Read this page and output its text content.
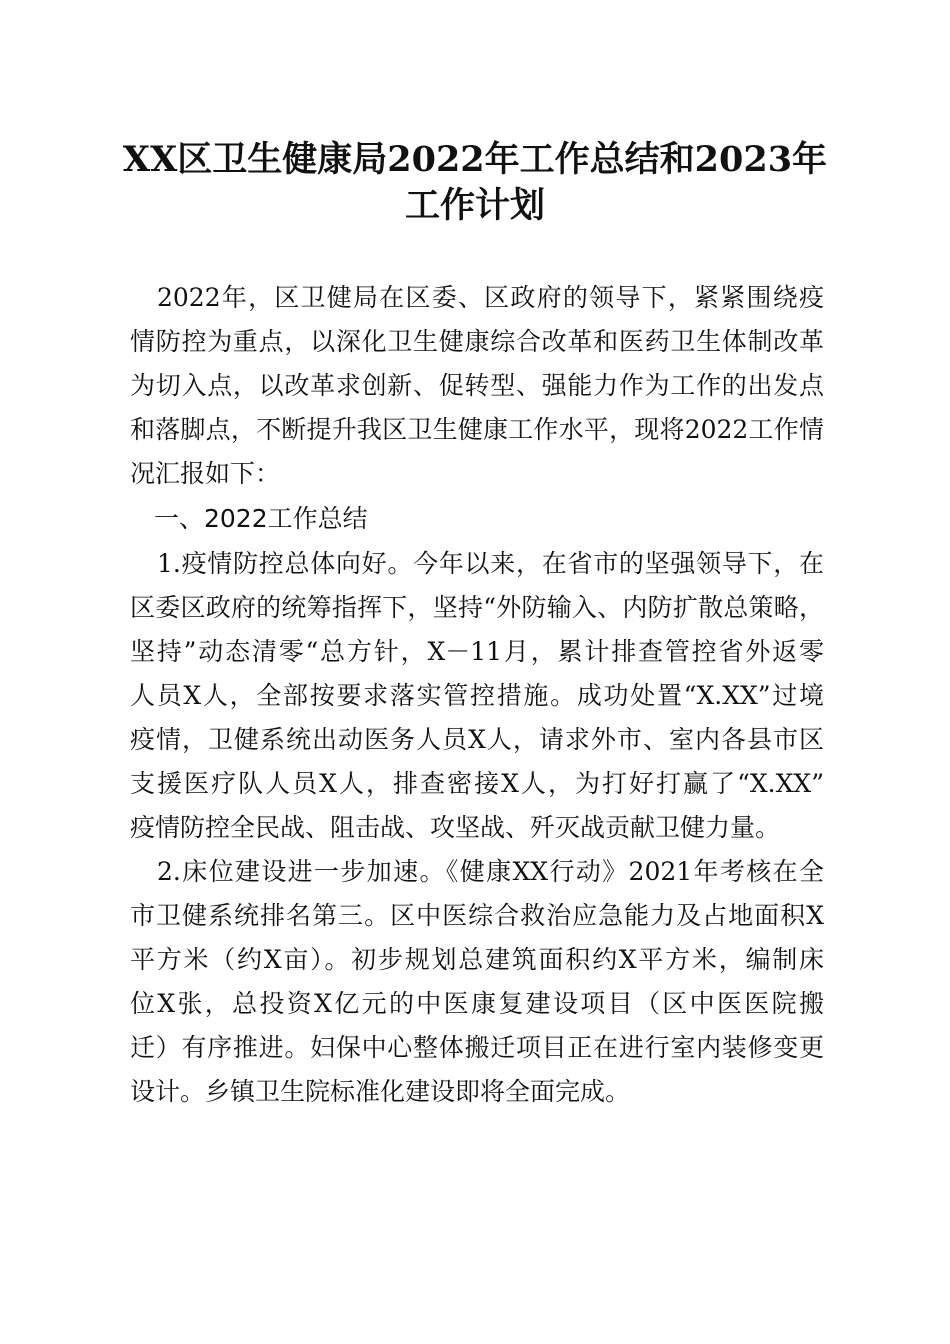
XX区卫生健康局2022年工作总结和2023年
工作计划
2022年，区卫健局在区委、区政府的领导下，紧紧围绕疫
情防控为重点，以深化卫生健康综合改革和医药卫生体制改革
为切入点，以改革求创新、促转型、强能力作为工作的出发点
和落脚点，不断提升我区卫生健康工作水平，现将2022工作情
况汇报如下：
一、2022工作总结
1.疫情防控总体向好。今年以来，在省市的坚强领导下，在
区委区政府的统筹指挥下，坚持“外防输入、内防扩散总策略，
坚持”动态清零“总方针，X－11月，累计排查管控省外返零
人员X人，全部按要求落实管控措施。成功处置“X.XX”过境
疫情，卫健系统出动医务人员X人，请求外市、室内各县市区
支援医疗队人员X人，排查密接X人，为打好打赢了“X.XX”
疫情防控全民战、阻击战、攻坚战、歼灭战贡献卫健力量。
2.床位建设进一步加速。《健康XX行动》2021年考核在全
市卫健系统排名第三。区中医综合救治应急能力及占地面积X
平方米（约X亩）。初步规划总建筑面积约X平方米，编制床
位X张，总投资X亿元的中医康复建设项目（区中医医院搬
迁）有序推进。妇保中心整体搬迁项目正在进行室内装修变更
设计。乡镇卫生院标准化建设即将全面完成。
